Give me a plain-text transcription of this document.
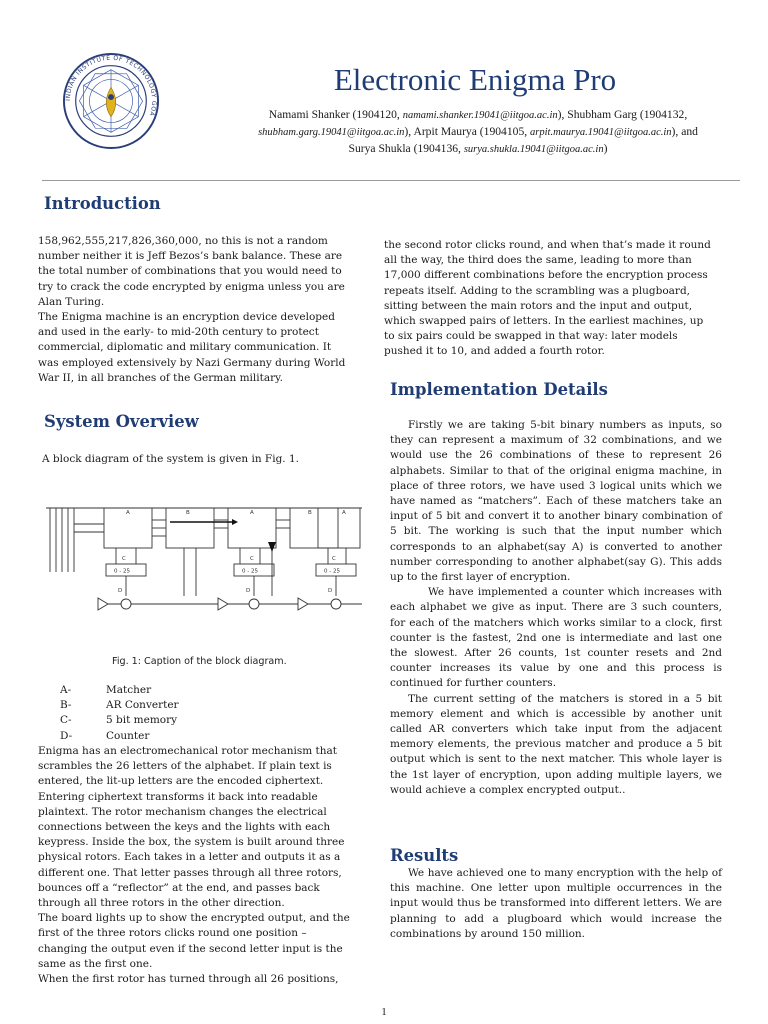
INDIAN INSTITUTE OF TECHNOLOGY GOA
Electronic Enigma Pro
Namami Shanker (1904120, namami.shanker.19041@iitgoa.ac.in), Shubham Garg (1904132,
shubham.garg.19041@iitgoa.ac.in), Arpit Maurya (1904105, arpit.maurya.19041@iitgoa.ac.in), and
Surya Shukla (1904136, surya.shukla.19041@iitgoa.ac.in)
Introduction
158,962,555,217,826,360,000, no this is not a random
number neither it is Jeff Bezos’s bank balance. These are
the total number of combinations that you would need to
try to crack the code encrypted by enigma unless you are
Alan Turing.
The Enigma machine is an encryption device developed
and used in the early- to mid-20th century to protect
commercial, diplomatic and military communication. It
was employed extensively by Nazi Germany during World
War II, in all branches of the German military.
System Overview
A block diagram of the system is given in Fig. 1.
A	B	A	B	A
C	C	C
0 - 25	0 - 25	0 - 25
D	D	D
Fig. 1: Caption of the block diagram.
A-	Matcher
B-	AR Converter
C-	5 bit memory
D-	Counter
Enigma has an electromechanical rotor mechanism that
scrambles the 26 letters of the alphabet. If plain text is
entered, the lit-up letters are the encoded ciphertext.
Entering ciphertext transforms it back into readable
plaintext. The rotor mechanism changes the electrical
connections between the keys and the lights with each
keypress. Inside the box, the system is built around three
physical rotors. Each takes in a letter and outputs it as a
different one. That letter passes through all three rotors,
bounces off a “reflector” at the end, and passes back
through all three rotors in the other direction.
The board lights up to show the encrypted output, and the
first of the three rotors clicks round one position –
changing the output even if the second letter input is the
same as the first one.
When the first rotor has turned through all 26 positions,
the second rotor clicks round, and when that’s made it round
all the way, the third does the same, leading to more than
17,000 different combinations before the encryption process
repeats itself. Adding to the scrambling was a plugboard,
sitting between the main rotors and the input and output,
which swapped pairs of letters. In the earliest machines, up
to six pairs could be swapped in that way: later models
pushed it to 10, and added a fourth rotor.
Implementation Details

Firstly we are taking 5-bit binary numbers as inputs, so they can represent a maximum of 32 combinations, and we would use the 26 combinations of these to represent 26 alphabets. Similar to that of the original enigma machine, in place of three rotors, we have used 3 logical units which we have named as “matchers”. Each of these matchers take an input of 5 bit and convert it to another binary combination of 5 bit. The working is such that the input number which corresponds to an alphabet(say A) is converted to another number corresponding to another alphabet(say G). This adds up to the first layer of encryption.

We have implemented a counter which increases with each alphabet we give as input. There are 3 such counters, for each of the matchers which works similar to a clock, first counter is the fastest, 2nd one is intermediate and last one the slowest. After 26 counts, 1st counter resets and 2nd counter increases its value by one and this process is continued for further counters.

The current setting of the matchers is stored in a 5 bit memory element and which is accessible by another unit called AR converters which take input from the adjacent memory elements, the previous matcher and produce a 5 bit output which is sent to the next matcher. This whole layer is the 1st layer of encryption, upon adding multiple layers, we would achieve a complex encrypted output..

Results

We have achieved one to many encryption with the help of this machine. One letter upon multiple occurrences in the input would thus be transformed into different letters. We are planning to add a plugboard which would increase the combinations by around 150 million.

1
